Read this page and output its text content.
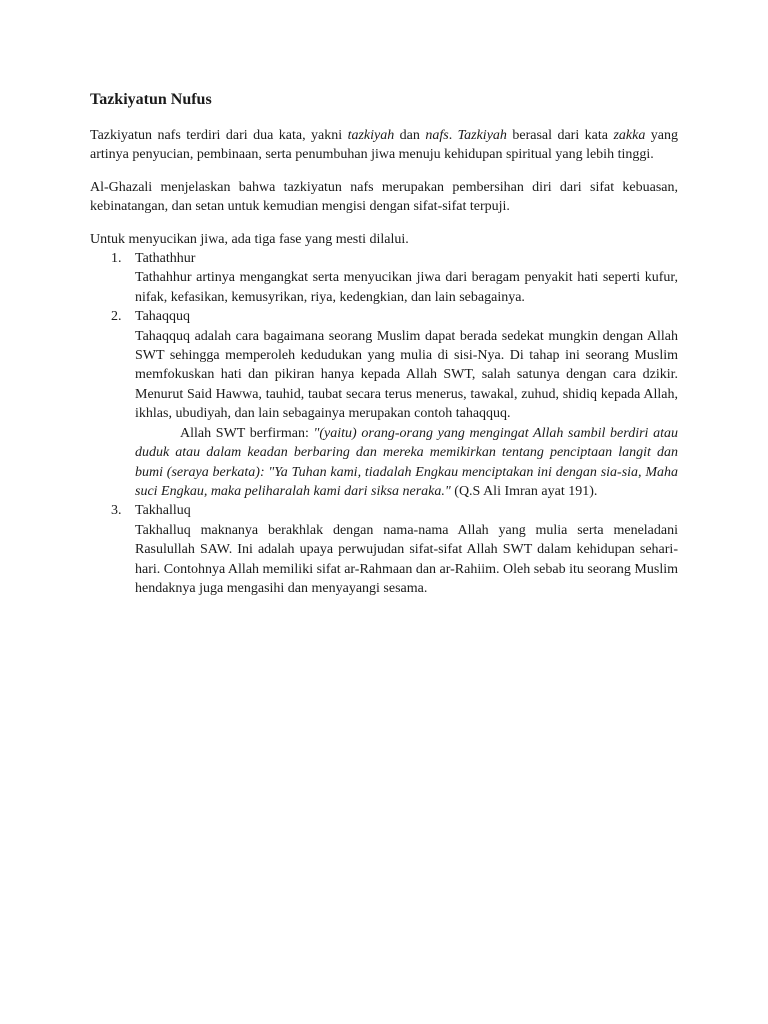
Tazkiyatun Nufus

Tazkiyatun nafs terdiri dari dua kata, yakni tazkiyah dan nafs. Tazkiyah berasal dari kata zakka yang artinya penyucian, pembinaan, serta penumbuhan jiwa menuju kehidupan spiritual yang lebih tinggi.

Al-Ghazali menjelaskan bahwa tazkiyatun nafs merupakan pembersihan diri dari sifat kebuasan, kebinatangan, dan setan untuk kemudian mengisi dengan sifat-sifat terpuji.

Untuk menyucikan jiwa, ada tiga fase yang mesti dilalui.

1. Tathathhur
Tathahhur artinya mengangkat serta menyucikan jiwa dari beragam penyakit hati seperti kufur, nifak, kefasikan, kemusyrikan, riya, kedengkian, dan lain sebagainya.
2. Tahaqquq
Tahaqquq adalah cara bagaimana seorang Muslim dapat berada sedekat mungkin dengan Allah SWT sehingga memperoleh kedudukan yang mulia di sisi-Nya. Di tahap ini seorang Muslim memfokuskan hati dan pikiran hanya kepada Allah SWT, salah satunya dengan cara dzikir. Menurut Said Hawwa, tauhid, taubat secara terus menerus, tawakal, zuhud, shidiq kepada Allah, ikhlas, ubudiyah, dan lain sebagainya merupakan contoh tahaqquq.
Allah SWT berfirman: "(yaitu) orang-orang yang mengingat Allah sambil berdiri atau duduk atau dalam keadan berbaring dan mereka memikirkan tentang penciptaan langit dan bumi (seraya berkata): "Ya Tuhan kami, tiadalah Engkau menciptakan ini dengan sia-sia, Maha suci Engkau, maka peliharalah kami dari siksa neraka." (Q.S Ali Imran ayat 191).
3. Takhalluq
Takhalluq maknanya berakhlak dengan nama-nama Allah yang mulia serta meneladani Rasulullah SAW. Ini adalah upaya perwujudan sifat-sifat Allah SWT dalam kehidupan sehari-hari. Contohnya Allah memiliki sifat ar-Rahmaan dan ar-Rahiim. Oleh sebab itu seorang Muslim hendaknya juga mengasihi dan menyayangi sesama.
